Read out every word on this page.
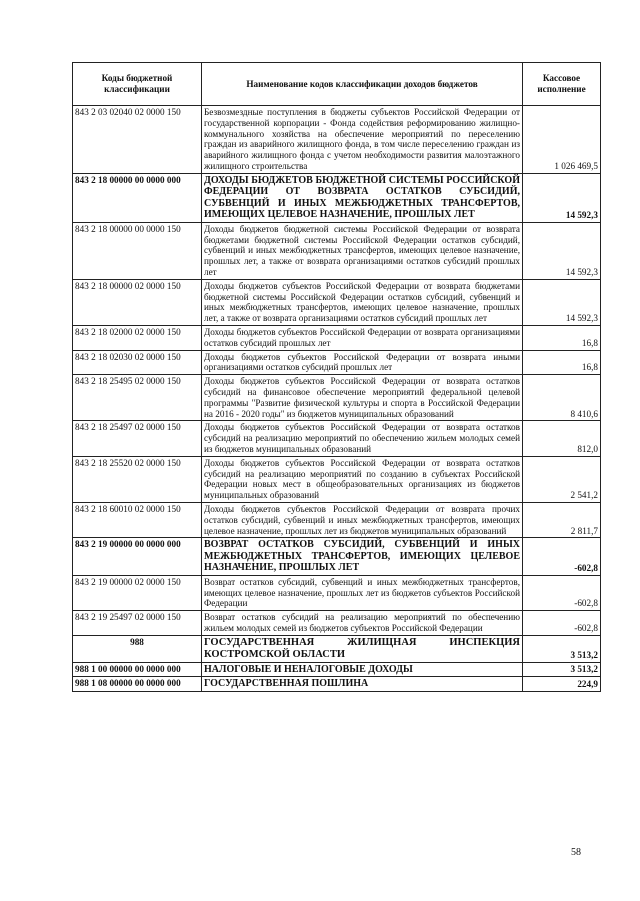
Коды бюджетной классификации	Наименование кодов классификации доходов бюджетов	Кассовое исполнение
843 2 03 02040 02 0000 150	Безвозмездные поступления в бюджеты субъектов Российской Федерации от государственной корпорации - Фонда содействия реформированию жилищно-коммунального хозяйства на обеспечение мероприятий по переселению граждан из аварийного жилищного фонда, в том числе переселению граждан из аварийного жилищного фонда с учетом необходимости развития малоэтажного жилищного строительства	1 026 469,5
843 2 18 00000 00 0000 000	ДОХОДЫ БЮДЖЕТОВ БЮДЖЕТНОЙ СИСТЕМЫ РОССИЙСКОЙ ФЕДЕРАЦИИ ОТ ВОЗВРАТА ОСТАТКОВ СУБСИДИЙ, СУБВЕНЦИЙ И ИНЫХ МЕЖБЮДЖЕТНЫХ ТРАНСФЕРТОВ, ИМЕЮЩИХ ЦЕЛЕВОЕ НАЗНАЧЕНИЕ, ПРОШЛЫХ ЛЕТ	14 592,3
843 2 18 00000 00 0000 150	Доходы бюджетов бюджетной системы Российской Федерации от возврата бюджетами бюджетной системы Российской Федерации остатков субсидий, субвенций и иных межбюджетных трансфертов, имеющих целевое назначение, прошлых лет, а также от возврата организациями остатков субсидий прошлых лет	14 592,3
843 2 18 00000 02 0000 150	Доходы бюджетов субъектов Российской Федерации от возврата бюджетами бюджетной системы Российской Федерации остатков субсидий, субвенций и иных межбюджетных трансфертов, имеющих целевое назначение, прошлых лет, а также от возврата организациями остатков субсидий прошлых лет	14 592,3
843 2 18 02000 02 0000 150	Доходы бюджетов субъектов Российской Федерации от возврата организациями остатков субсидий прошлых лет	16,8
843 2 18 02030 02 0000 150	Доходы бюджетов субъектов Российской Федерации от возврата иными организациями остатков субсидий прошлых лет	16,8
843 2 18 25495 02 0000 150	Доходы бюджетов субъектов Российской Федерации от возврата остатков субсидий на финансовое обеспечение мероприятий федеральной целевой программы "Развитие физической культуры и спорта в Российской Федерации на 2016 - 2020 годы" из бюджетов муниципальных образований	8 410,6
843 2 18 25497 02 0000 150	Доходы бюджетов субъектов Российской Федерации от возврата остатков субсидий на реализацию мероприятий по обеспечению жильем молодых семей из бюджетов муниципальных образований	812,0
843 2 18 25520 02 0000 150	Доходы бюджетов субъектов Российской Федерации от возврата остатков субсидий на реализацию мероприятий по созданию в субъектах Российской Федерации новых мест в общеобразовательных организациях из бюджетов муниципальных образований	2 541,2
843 2 18 60010 02 0000 150	Доходы бюджетов субъектов Российской Федерации от возврата прочих остатков субсидий, субвенций и иных межбюджетных трансфертов, имеющих целевое назначение, прошлых лет из бюджетов муниципальных образований	2 811,7
843 2 19 00000 00 0000 000	ВОЗВРАТ ОСТАТКОВ СУБСИДИЙ, СУБВЕНЦИЙ И ИНЫХ МЕЖБЮДЖЕТНЫХ ТРАНСФЕРТОВ, ИМЕЮЩИХ ЦЕЛЕВОЕ НАЗНАЧЕНИЕ, ПРОШЛЫХ ЛЕТ	-602,8
843 2 19 00000 02 0000 150	Возврат остатков субсидий, субвенций и иных межбюджетных трансфертов, имеющих целевое назначение, прошлых лет из бюджетов субъектов Российской Федерации	-602,8
843 2 19 25497 02 0000 150	Возврат остатков субсидий на реализацию мероприятий по обеспечению жильем молодых семей из бюджетов субъектов Российской Федерации	-602,8
988	ГОСУДАРСТВЕННАЯ ЖИЛИЩНАЯ ИНСПЕКЦИЯ КОСТРОМСКОЙ ОБЛАСТИ	3 513,2
988 1 00 00000 00 0000 000	НАЛОГОВЫЕ И НЕНАЛОГОВЫЕ ДОХОДЫ	3 513,2
988 1 08 00000 00 0000 000	ГОСУДАРСТВЕННАЯ ПОШЛИНА	224,9
58
